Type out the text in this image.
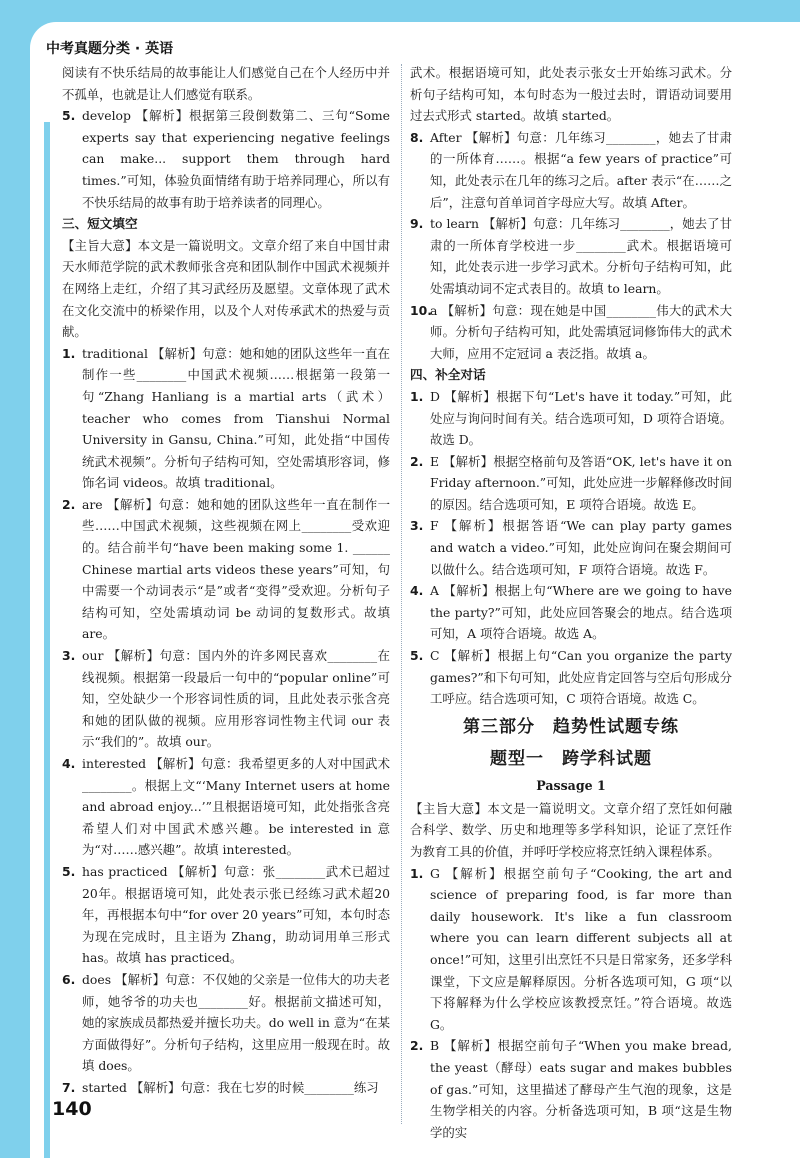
中考真题分类 · 英语

阅读有不快乐结局的故事能让人们感觉自己在个人经历中并不孤单，也就是让人们感觉有联系。

5. develop 【解析】根据第三段倒数第二、三句“Some experts say that experiencing negative feelings can make... support them through hard times.”可知，体验负面情绪有助于培养同理心，所以有不快乐结局的故事有助于培养读者的同理心。

三、短文填空

【主旨大意】本文是一篇说明文。文章介绍了来自中国甘肃天水师范学院的武术教师张含亮和团队制作中国武术视频并在网络上走红，介绍了其习武经历及愿望。文章体现了武术在文化交流中的桥梁作用，以及个人对传承武术的热爱与贡献。

1. traditional 【解析】句意：她和她的团队这些年一直在制作一些________中国武术视频……根据第一段第一句“Zhang Hanliang is a martial arts（武术）teacher who comes from Tianshui Normal University in Gansu, China.”可知，此处指“中国传统武术视频”。分析句子结构可知，空处需填形容词，修饰名词 videos。故填 traditional。

2. are 【解析】句意：她和她的团队这些年一直在制作一些……中国武术视频，这些视频在网上________受欢迎的。结合前半句“have been making some 1. ______ Chinese martial arts videos these years”可知，句中需要一个动词表示“是”或者“变得”受欢迎。分析句子结构可知，空处需填动词 be 动词的复数形式。故填 are。

3. our 【解析】句意：国内外的许多网民喜欢________在线视频。根据第一段最后一句中的“popular online”可知，空处缺少一个形容词性质的词，且此处表示张含亮和她的团队做的视频。应用形容词性物主代词 our 表示“我们的”。故填 our。

4. interested 【解析】句意：我希望更多的人对中国武术________。根据上文“‘Many Internet users at home and abroad enjoy...’”且根据语境可知，此处指张含亮希望人们对中国武术感兴趣。be interested in 意为“对……感兴趣”。故填 interested。

5. has practiced 【解析】句意：张________武术已超过20年。根据语境可知，此处表示张已经练习武术超20年，再根据本句中“for over 20 years”可知，本句时态为现在完成时，且主语为 Zhang，助动词用单三形式 has。故填 has practiced。

6. does 【解析】句意：不仅她的父亲是一位伟大的功夫老师，她爷爷的功夫也________好。根据前文描述可知，她的家族成员都热爱并擅长功夫。do well in 意为“在某方面做得好”。分析句子结构，这里应用一般现在时。故填 does。

7. started 【解析】句意：我在七岁的时候________练习

武术。根据语境可知，此处表示张女士开始练习武术。分析句子结构可知，本句时态为一般过去时，谓语动词要用过去式形式 started。故填 started。

8. After 【解析】句意：几年练习________，她去了甘肃的一所体育……。根据“a few years of practice”可知，此处表示在几年的练习之后。after 表示“在……之后”，注意句首单词首字母应大写。故填 After。

9. to learn 【解析】句意：几年练习________，她去了甘肃的一所体育学校进一步________武术。根据语境可知，此处表示进一步学习武术。分析句子结构可知，此处需填动词不定式表目的。故填 to learn。

10.

a 【解析】句意：现在她是中国________伟大的武术大师。分析句子结构可知，此处需填冠词修饰伟大的武术大师，应用不定冠词 a 表泛指。故填 a。

四、补全对话
1. D 【解析】根据下句“Let's have it today.”可知，此处应与询问时间有关。结合选项可知，D 项符合语境。故选 D。

2. E 【解析】根据空格前句及答语“OK, let's have it on Friday afternoon.”可知，此处应进一步解释修改时间的原因。结合选项可知，E 项符合语境。故选 E。

3. F 【解析】根据答语“We can play party games and watch a video.”可知，此处应询问在聚会期间可以做什么。结合选项可知，F 项符合语境。故选 F。

4. A 【解析】根据上句“Where are we going to have the party?”可知，此处应回答聚会的地点。结合选项可知，A 项符合语境。故选 A。

5. C 【解析】根据上句“Can you organize the party games?”和下句可知，此处应肯定回答与空后句形成分工呼应。结合选项可知，C 项符合语境。故选 C。

第三部分　趋势性试题专练
题型一　跨学科试题
Passage 1

【主旨大意】本文是一篇说明文。文章介绍了烹饪如何融合科学、数学、历史和地理等多学科知识，论证了烹饪作为教育工具的价值，并呼吁学校应将烹饪纳入课程体系。

1. G 【解析】根据空前句子“Cooking, the art and science of preparing food, is far more than daily housework. It's like a fun classroom where you can learn different subjects all at once!”可知，这里引出烹饪不只是日常家务，还多学科课堂，下文应是解释原因。分析各选项可知，G 项“以下将解释为什么学校应该教授烹饪。”符合语境。故选 G。

2. B 【解析】根据空前句子“When you make bread, the yeast（酵母）eats sugar and makes bubbles of gas.”可知，这里描述了酵母产生气泡的现象，这是生物学相关的内容。分析备选项可知，B 项“这是生物学的实

140
